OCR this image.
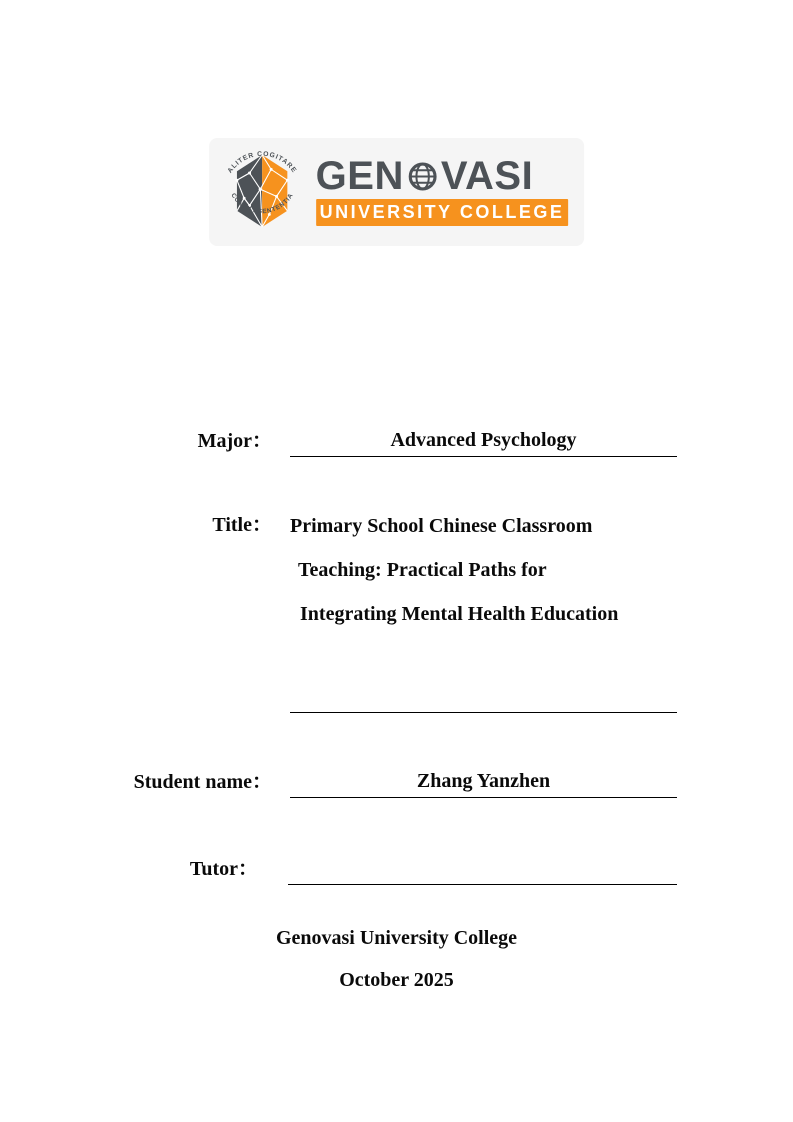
ALITER COGITARE
CONSILI SENTENTIA GEN VASI
UNIVERSITY COLLEGE
Major：	Advanced Psychology
Title： Primary School Chinese Classroom
Teaching: Practical Paths for
Integrating Mental Health Education
Student name：	Zhang Yanzhen
Tutor：
Genovasi University College
October 2025
